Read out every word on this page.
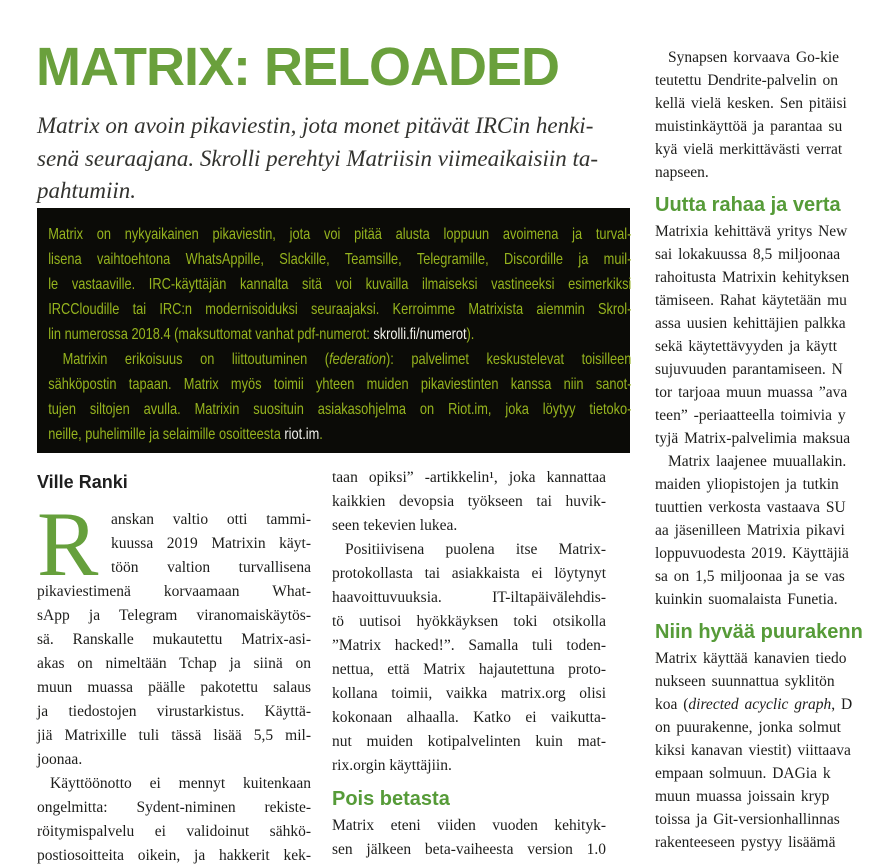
MATRIX: RELOADED
Matrix on avoin pikaviestin, jota monet pitävät IRCin henki-
senä seuraajana. Skrolli perehtyi Matriisin viimeaikaisiin ta-
pahtumiin.
Matrix on nykyaikainen pikaviestin, jota voi pitää alusta loppuun avoimena ja turval-
lisena vaihtoehtona WhatsAppille, Slackille, Teamsille, Telegramille, Discordille ja muil-
le vastaaville. IRC-käyttäjän kannalta sitä voi kuvailla ilmaiseksi vastineeksi esimerkiksi
IRCCloudille tai IRC:n modernisoiduksi seuraajaksi. Kerroimme Matrixista aiemmin Skrol-
lin numerossa 2018.4 (maksuttomat vanhat pdf-numerot: skrolli.fi/numerot).
Matrixin erikoisuus on liittoutuminen (federation): palvelimet keskustelevat toisilleen
sähköpostin tapaan. Matrix myös toimii yhteen muiden pikaviestinten kanssa niin sanot-
tujen siltojen avulla. Matrixin suosituin asiakasohjelma on Riot.im, joka löytyy tietoko-
neille, puhelimille ja selaimille osoitteesta riot.im.
Ville Ranki
R anskan valtio otti tammi-
kuussa 2019 Matrixin käyt-
töön valtion turvallisena
pikaviestimenä korvaamaan What-
sApp ja Telegram viranomaiskäytös-
sä. Ranskalle mukautettu Matrix-asi-
akas on nimeltään Tchap ja siinä on
muun muassa päälle pakotettu salaus
ja tiedostojen virustarkistus. Käyttä-
jiä Matrixille tuli tässä lisää 5,5 mil-
joonaa.
Käyttöönotto ei mennyt kuitenkaan
ongelmitta: Sydent-niminen rekiste-
röitymispalvelu ei validoinut sähkö-
postiosoitteita oikein, ja hakkerit kek-
taan opiksi” -artikkelin¹, joka kannattaa
kaikkien devopsia työkseen tai huvik-
seen tekevien lukea.
Positiivisena puolena itse Matrix-
protokollasta tai asiakkaista ei löytynyt
haavoittuvuuksia. IT-iltapäivälehdis-
tö uutisoi hyökkäyksen toki otsikolla
”Matrix hacked!”. Samalla tuli toden-
nettua, että Matrix hajautettuna proto-
kollana toimii, vaikka matrix.org olisi
kokonaan alhaalla. Katko ei vaikutta-
nut muiden kotipalvelinten kuin mat-
rix.orgin käyttäjiin.
Pois betasta
Matrix eteni viiden vuoden kehityk-
sen jälkeen beta-vaiheesta version 1.0
Synapsen korvaava Go-kie
teutettu Dendrite-palvelin on
kellä vielä kesken. Sen pitäisi
muistinkäyttöä ja parantaa su
kyä vielä merkittävästi verrat
napseen.
Uutta rahaa ja verta
Matrixia kehittävä yritys New
sai lokakuussa 8,5 miljoonaa
rahoitusta Matrixin kehityksen
tämiseen. Rahat käytetään mu
assa uusien kehittäjien palkka
sekä käytettävyyden ja käytt
sujuvuuden parantamiseen. N
tor tarjoaa muun muassa ”ava
teen” -periaatteella toimivia y
tyjä Matrix-palvelimia maksua
Matrix laajenee muuallakin.
maiden yliopistojen ja tutkin
tuuttien verkosta vastaava SU
aa jäsenilleen Matrixia pikavi
loppuvuodesta 2019. Käyttäjiä
sa on 1,5 miljoonaa ja se vas
kuinkin suomalaista Funetia.
Niin hyvää puurakenn
Matrix käyttää kanavien tiedo
nukseen suunnattua syklitön
koa (directed acyclic graph, D
on puurakenne, jonka solmut
kiksi kanavan viestit) viittaava
empaan solmuun. DAGia k
muun muassa joissain kryp
toissa ja Git-versionhallinnas
rakenteeseen pystyy lisäämä
